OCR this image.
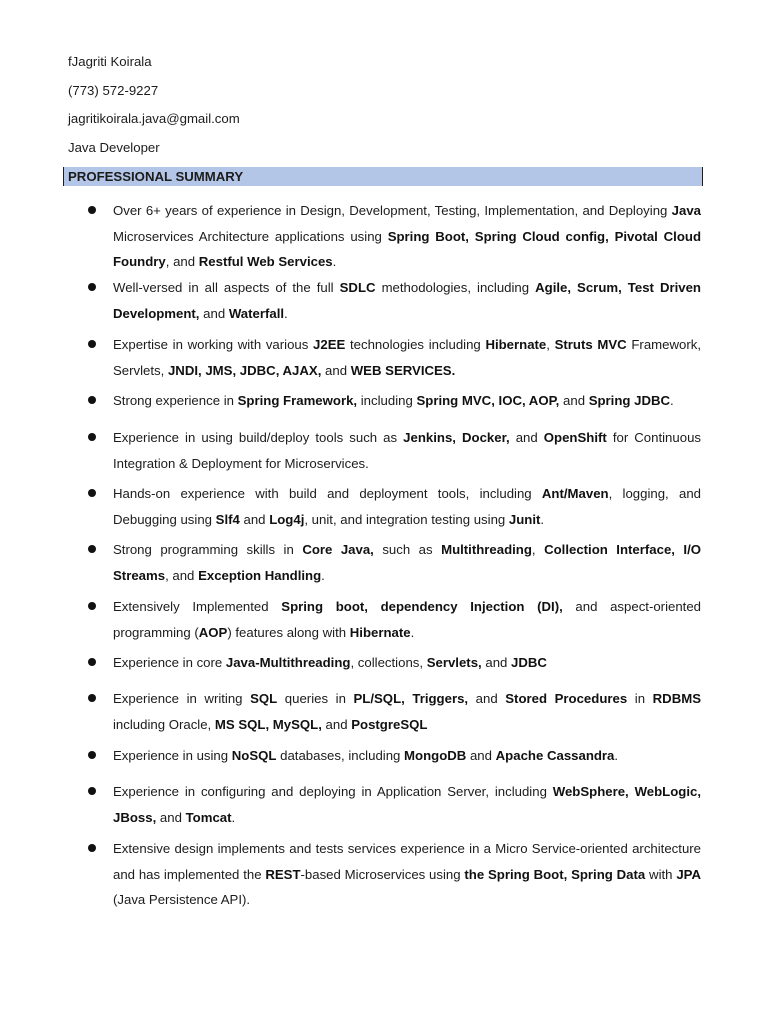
fJagriti Koirala
(773) 572-9227
jagritikoirala.java@gmail.com
Java Developer
PROFESSIONAL SUMMARY
Over 6+ years of experience in Design, Development, Testing, Implementation, and Deploying Java Microservices Architecture applications using Spring Boot, Spring Cloud config, Pivotal Cloud Foundry, and Restful Web Services.
Well-versed in all aspects of the full SDLC methodologies, including Agile, Scrum, Test Driven Development, and Waterfall.
Expertise in working with various J2EE technologies including Hibernate, Struts MVC Framework, Servlets, JNDI, JMS, JDBC, AJAX, and WEB SERVICES.
Strong experience in Spring Framework, including Spring MVC, IOC, AOP, and Spring JDBC.
Experience in using build/deploy tools such as Jenkins, Docker, and OpenShift for Continuous Integration & Deployment for Microservices.
Hands-on experience with build and deployment tools, including Ant/Maven, logging, and Debugging using Slf4 and Log4j, unit, and integration testing using Junit.
Strong programming skills in Core Java, such as Multithreading, Collection Interface, I/O Streams, and Exception Handling.
Extensively Implemented Spring boot, dependency Injection (DI), and aspect-oriented programming (AOP) features along with Hibernate.
Experience in core Java-Multithreading, collections, Servlets, and JDBC
Experience in writing SQL queries in PL/SQL, Triggers, and Stored Procedures in RDBMS including Oracle, MS SQL, MySQL, and PostgreSQL
Experience in using NoSQL databases, including MongoDB and Apache Cassandra.
Experience in configuring and deploying in Application Server, including WebSphere, WebLogic, JBoss, and Tomcat.
Extensive design implements and tests services experience in a Micro Service-oriented architecture and has implemented the REST-based Microservices using the Spring Boot, Spring Data with JPA (Java Persistence API).
